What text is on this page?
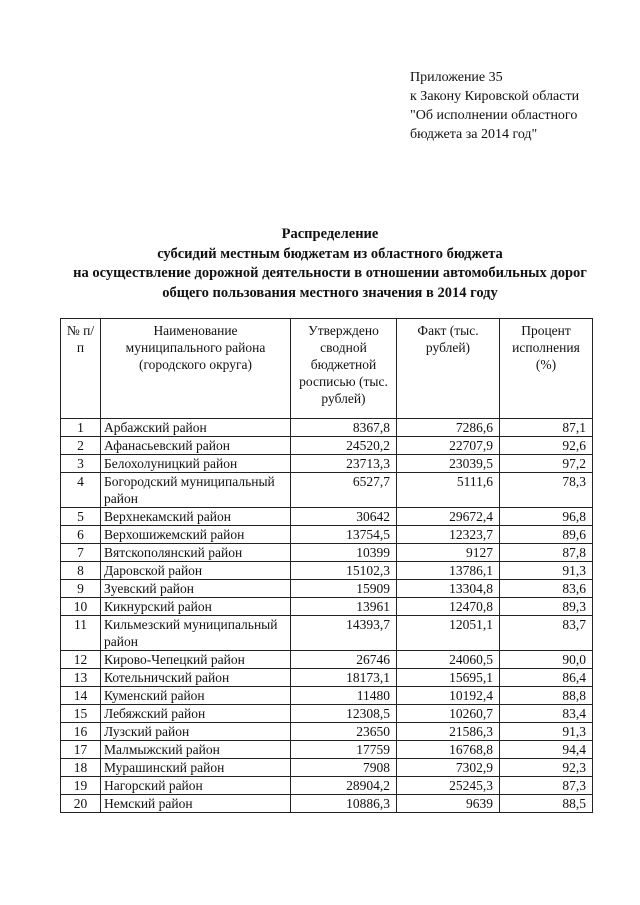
Приложение 35
к Закону Кировской области
"Об исполнении областного
бюджета за 2014 год"
Распределение
субсидий местным бюджетам из областного бюджета
на осуществление дорожной деятельности в отношении автомобильных дорог
общего пользования местного значения в 2014 году
№ п/п	Наименование муниципального района (городского округа)	Утверждено сводной бюджетной росписью (тыс. рублей)	Факт (тыс. рублей)	Процент исполнения (%)
1	Арбажский район	8367,8	7286,6	87,1
2	Афанасьевский район	24520,2	22707,9	92,6
3	Белохолуницкий район	23713,3	23039,5	97,2
4	Богородский муниципальный район	6527,7	5111,6	78,3
5	Верхнекамский район	30642	29672,4	96,8
6	Верхошижемский район	13754,5	12323,7	89,6
7	Вятскополянский район	10399	9127	87,8
8	Даровской район	15102,3	13786,1	91,3
9	Зуевский район	15909	13304,8	83,6
10	Кикнурский район	13961	12470,8	89,3
11	Кильмезский муниципальный район	14393,7	12051,1	83,7
12	Кирово-Чепецкий район	26746	24060,5	90,0
13	Котельничский район	18173,1	15695,1	86,4
14	Куменский район	11480	10192,4	88,8
15	Лебяжский район	12308,5	10260,7	83,4
16	Лузский район	23650	21586,3	91,3
17	Малмыжский район	17759	16768,8	94,4
18	Мурашинский район	7908	7302,9	92,3
19	Нагорский район	28904,2	25245,3	87,3
20	Немский район	10886,3	9639	88,5
